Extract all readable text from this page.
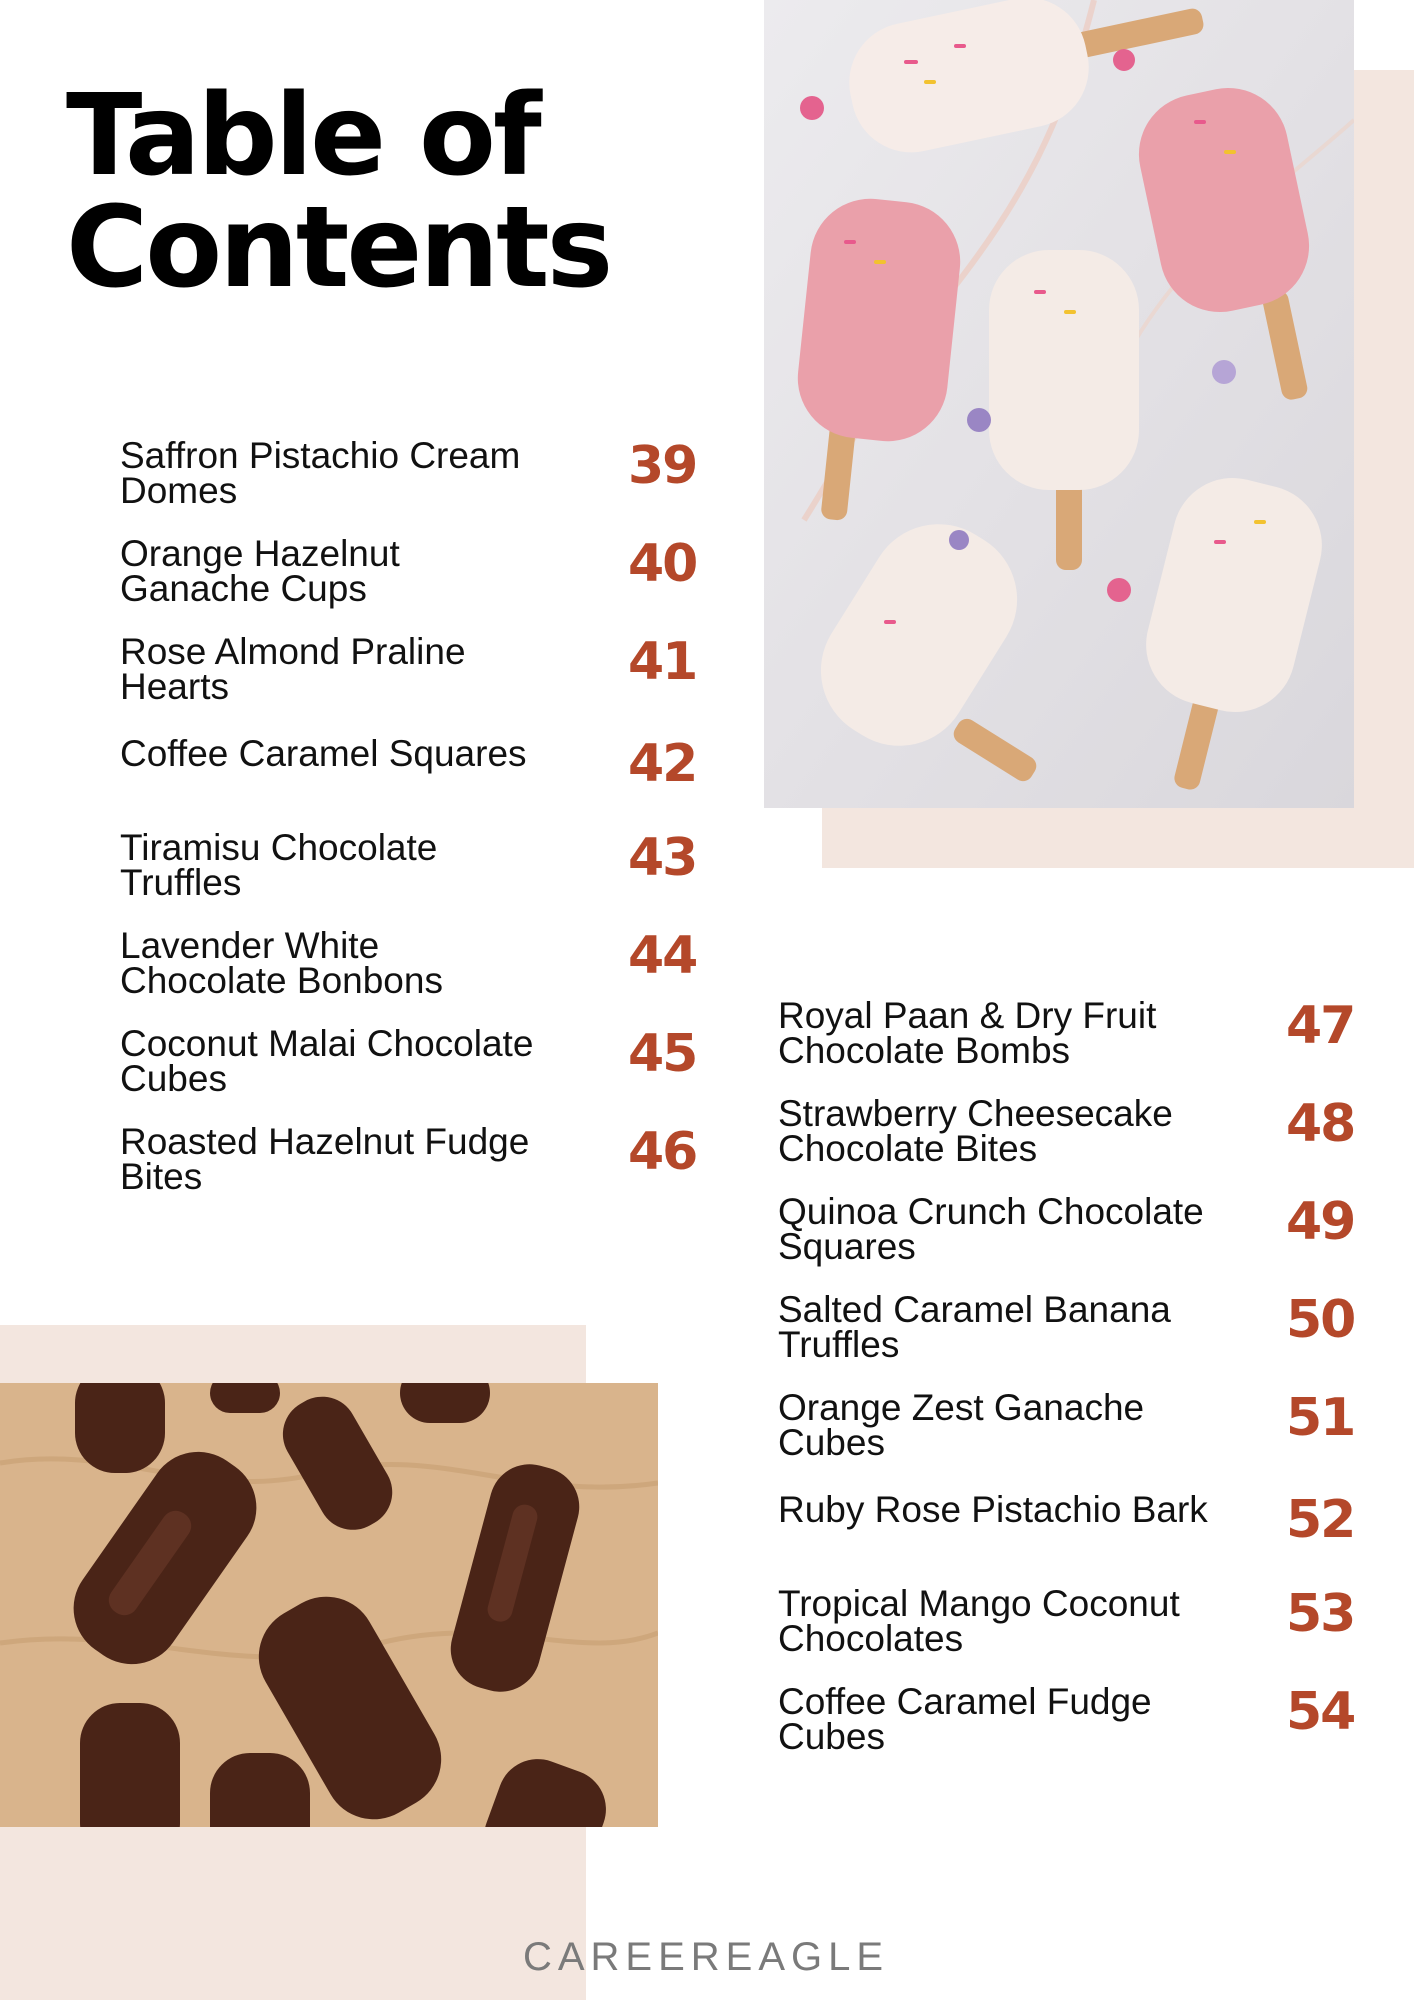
Table of
Contents
Saffron Pistachio Cream
Domes	39
Orange Hazelnut
Ganache Cups	40
Rose Almond Praline
Hearts	41
Coffee Caramel Squares	42
Tiramisu Chocolate
Truffles	43
Lavender White
Chocolate Bonbons	44
Coconut Malai Chocolate
Cubes	45
Roasted Hazelnut Fudge
Bites	46
Royal Paan & Dry Fruit
Chocolate Bombs	47
Strawberry Cheesecake
Chocolate Bites	48
Quinoa Crunch Chocolate
Squares	49
Salted Caramel Banana
Truffles	50
Orange Zest Ganache
Cubes	51
Ruby Rose Pistachio Bark	52
Tropical Mango Coconut
Chocolates	53
Coffee Caramel Fudge
Cubes	54
CAREEREAGLE
